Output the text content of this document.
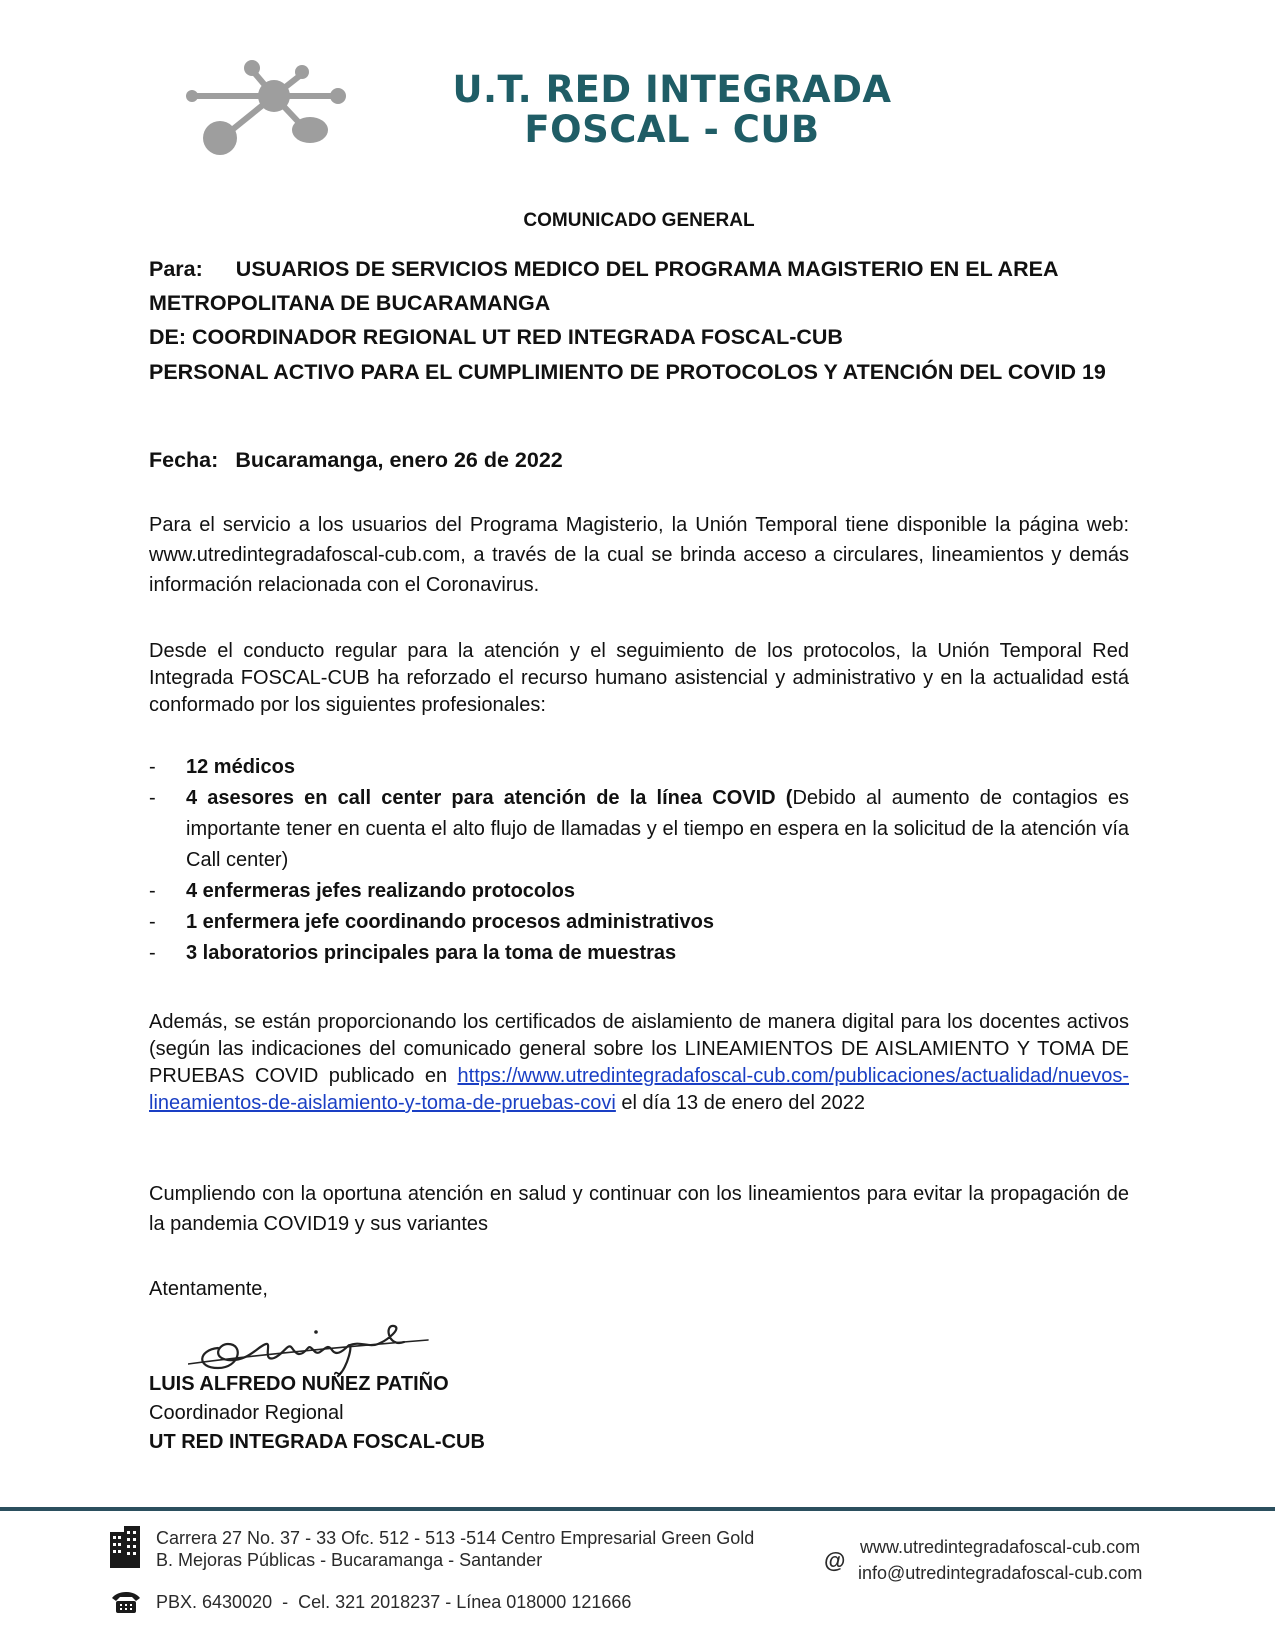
U.T. RED INTEGRADA
FOSCAL - CUB
COMUNICADO GENERAL
Para: USUARIOS DE SERVICIOS MEDICO DEL PROGRAMA MAGISTERIO EN EL AREA
METROPOLITANA DE BUCARAMANGA
DE: COORDINADOR REGIONAL UT RED INTEGRADA FOSCAL-CUB
PERSONAL ACTIVO PARA EL CUMPLIMIENTO DE PROTOCOLOS Y ATENCIÓN DEL COVID 19
Fecha: Bucaramanga, enero 26 de 2022
Para el servicio a los usuarios del Programa Magisterio, la Unión Temporal tiene disponible la página web: www.utredintegradafoscal-cub.com, a través de la cual se brinda acceso a circulares, lineamientos y demás información relacionada con el Coronavirus.
Desde el conducto regular para la atención y el seguimiento de los protocolos, la Unión Temporal Red Integrada FOSCAL-CUB ha reforzado el recurso humano asistencial y administrativo y en la actualidad está conformado por los siguientes profesionales:
- 12 médicos
- 4 asesores en call center para atención de la línea COVID (Debido al aumento de contagios es importante tener en cuenta el alto flujo de llamadas y el tiempo en espera en la solicitud de la atención vía Call center)
- 4 enfermeras jefes realizando protocolos
- 1 enfermera jefe coordinando procesos administrativos
- 3 laboratorios principales para la toma de muestras
Además, se están proporcionando los certificados de aislamiento de manera digital para los docentes activos (según las indicaciones del comunicado general sobre los LINEAMIENTOS DE AISLAMIENTO Y TOMA DE PRUEBAS COVID publicado en https://www.utredintegradafoscal-cub.com/publicaciones/actualidad/nuevos-lineamientos-de-aislamiento-y-toma-de-pruebas-covi el día 13 de enero del 2022
Cumpliendo con la oportuna atención en salud y continuar con los lineamientos para evitar la propagación de la pandemia COVID19 y sus variantes
Atentamente,
LUIS ALFREDO NUÑEZ PATIÑO
Coordinador Regional
UT RED INTEGRADA FOSCAL-CUB
Carrera 27 No. 37 - 33 Ofc. 512 - 513 -514 Centro Empresarial Green Gold
B. Mejoras Públicas - Bucaramanga - Santander
PBX. 6430020  -  Cel. 321 2018237 - Línea 018000 121666
@
www.utredintegradafoscal-cub.com
info@utredintegradafoscal-cub.com
